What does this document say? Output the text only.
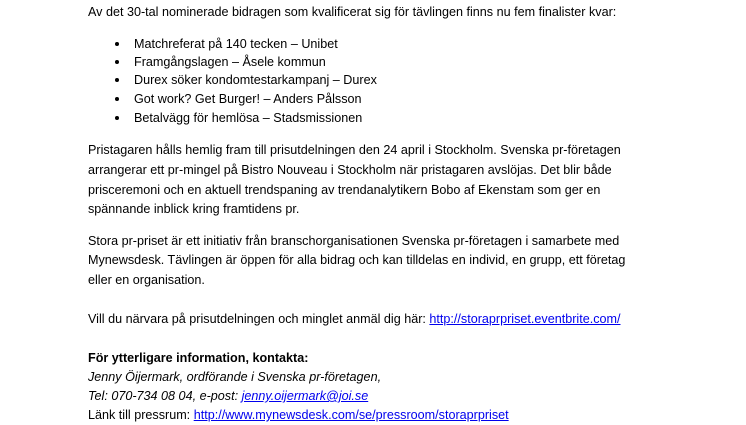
Av det 30-tal nominerade bidragen som kvalificerat sig för tävlingen finns nu fem finalister kvar:
Matchreferat på 140 tecken – Unibet
Framgångslagen – Åsele kommun
Durex söker kondomtestarkampanj – Durex
Got work? Get Burger! – Anders Pålsson
Betalvägg för hemlösa – Stadsmissionen
Pristagaren hålls hemlig fram till prisutdelningen den 24 april i Stockholm. Svenska pr-företagen
arrangerar ett pr-mingel på Bistro Nouveau i Stockholm när pristagaren avslöjas. Det blir både
prisceremoni och en aktuell trendspaning av trendanalytikern Bobo af Ekenstam som ger en
spännande inblick kring framtidens pr.
Stora pr-priset är ett initiativ från branschorganisationen Svenska pr-företagen i samarbete med
Mynewsdesk. Tävlingen är öppen för alla bidrag och kan tilldelas en individ, en grupp, ett företag
eller en organisation.
Vill du närvara på prisutdelningen och minglet anmäl dig här: http://storaprpriset.eventbrite.com/
För ytterligare information, kontakta:
Jenny Öijermark, ordförande i Svenska pr-företagen,
Tel: 070-734 08 04, e-post: jenny.oijermark@joi.se
Länk till pressrum: http://www.mynewsdesk.com/se/pressroom/storaprpriset
